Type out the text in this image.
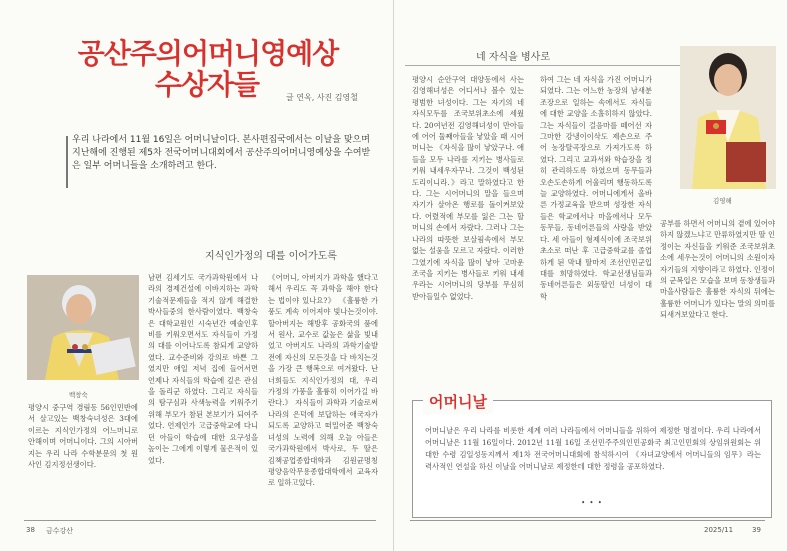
공산주의어머니영예상
수상자들	글 연옥, 사진 김영철
우리 나라에서 11월 16일은 어머니날이다. 본사편집국에서는 이날을 맞으며 지난해에 진행된 제5차 전국어머니대회에서 공산주의어머니영예상을 수여받은 일부 어머니들을 소개하려고 한다.
지식인가정의 대를 이어가도록
백창숙
평양시 중구역 경림동 56인민반에서 살고있는 백창숙녀성은 3대에 이르는 지식인가정의 어느머니로 안해이며 어머니이다. 그의 시아버지는 우리 나라 수학분문의 첫 원사인 김지정선생이다.
남편 김세기도 국가과학원에서 나라의 경제건설에 이바지하는 과학기술적문제들을 적지 않게 해결한 박사들중의 한사람이였다. 백창숙은 대학교원인 시숙년간 예술인후비를 키워오면서도 자식들이 가정의 대를 이어나도록 참되게 교양하였다. 교수준비와 강의로 바쁜 그였지만 애일 저녁 집에 들어서면 언제나 자식들의 학습에 깊은 관심을 돌리군 하였다. 그리고 자식들의 탐구심과 사색능력을 키워주기 위해 부모가 참된 본보기가 되여주었다. 언제인가 고급중학교에 다니던 아들이 학습에 대한 요구성을 높이는 그에게 이렇게 물은적이 있었다.
《어머니, 아버지가 과학을 했다고 해서 우리도 꼭 과학을 해야 한다는 법이야 있나요?》 《훌륭한 가풍도 계속 이어져야 빛나는것이야. 할아버지는 해방후 공화국의 품에서 원사, 교수로 값높은 삶을 빛내었고 아버지도 나라의 과학기술발전에 자신의 모든것을 다 바치는것을 가장 큰 행복으로 여겨왔다. 난 너희들도 지식인가정의 대, 우리 가정의 가풍을 훌륭히 이어가길 바란다.》 자식들이 과학과 기술로써 나라의 은덕에 보답하는 애국자가 되도록 교양하고 떠밀어준 백창숙녀성의 노력에 의해 오늘 아들은 국가과학원에서 박사로, 두 딸은 김책공업종합대학과 김원균명칭 평양음악무용종합대학에서 교육자로 일하고있다.
네 자식을 병사로
평양시 순안구역 대양동에서 사는 김영해녀성은 어디서나 볼수 있는 평범한 녀성이다. 그는 자기의 네 자식모두를 조국보위초소에 세웠다. 20여년전 김영해녀성이 만아들에 어어 둘째아들을 낳았을 때 시어머니는 《자식을 많이 낳았구나. 애들을 모두 나라를 지키는 병사들로 키워 내세우자꾸나. 그것이 백성된 도리이니라.》라고 말하였다고 한다. 그는 시어머니의 말을 들으며 자기가 살아온 행로를 돌이켜보았다. 어렸적에 부모를 잃은 그는 할머니의 손에서 자랐다. 그러나 그는 나라의 따뜻한 보살핌속에서 부모없는 설움을 모르고 자랐다. 이러한 그였기에 자식을 많이 낳아 고마운 조국을 지키는 병사들로 키워 내세우라는 시어머니의 당부를 무심히 받아들일수 없었다.
하여 그는 네 자식을 가진 어머니가 되였다. 그는 어느한 농장의 남새분조장으로 일하는 속에서도 자식들에 대한 교양을 소홀히하지 않았다. 그는 자식들이 걸음마를 떼어선 자그마한 강냉이이삭도 제손으로 주어 농장탈곡장으로 가져가도록 하였다. 그리고 교과서와 학습장을 정히 관리하도록 하였으며 동무들과 오손도손하게 어울리며 행동하도록 늘 교양하였다. 어머니에게서 올바른 가정교육을 받으며 성장한 자식들은 학교에서나 마을에서나 모두 동무들, 동네어른들의 사랑을 받았다. 세 아들이 형제식이에 조국보위초소로 떠난 후 고급중학교를 졸업하게 된 막내 딸마저 조선인민군입대를 희망하였다. 학교선생님들과 동네어른들은 외동딸인 녀성이 대학
김영해
공부를 하면서 어머니의 곁에 있어야 하지 않겠느냐고 만류하였지만 딸 인정이는 자신들을 키워준 조국보위초소에 세우는것이 어머니의 소원이자 자기들의 지향이라고 하였다. 인정이의 군복입은 모습을 보며 동창생들과 마을사람들은 훌륭한 자식의 뒤에는 훌륭한 어머니가 있다는 말의 의미를 되새겨보았다고 한다.
어머니날
어머니날은 우리 나라를 비롯한 세계 여러 나라들에서 어머니들을 위하여 제정한 명절이다. 우리 나라에서 어머니날은 11월 16일이다. 2012년 11월 16일 조선민주주의인민공화국 최고인민회의 상임위원회는 위대한 수령 김일성동지께서 제1차 전국어머니대회에 참석하시여 《자녀교양에서 어머니들의 임무》라는 력사적인 연설을 하신 이날을 어머니날로 제정한데 대한 정령을 공포하였다.
• • •
38 금수강산	2025/11	39
